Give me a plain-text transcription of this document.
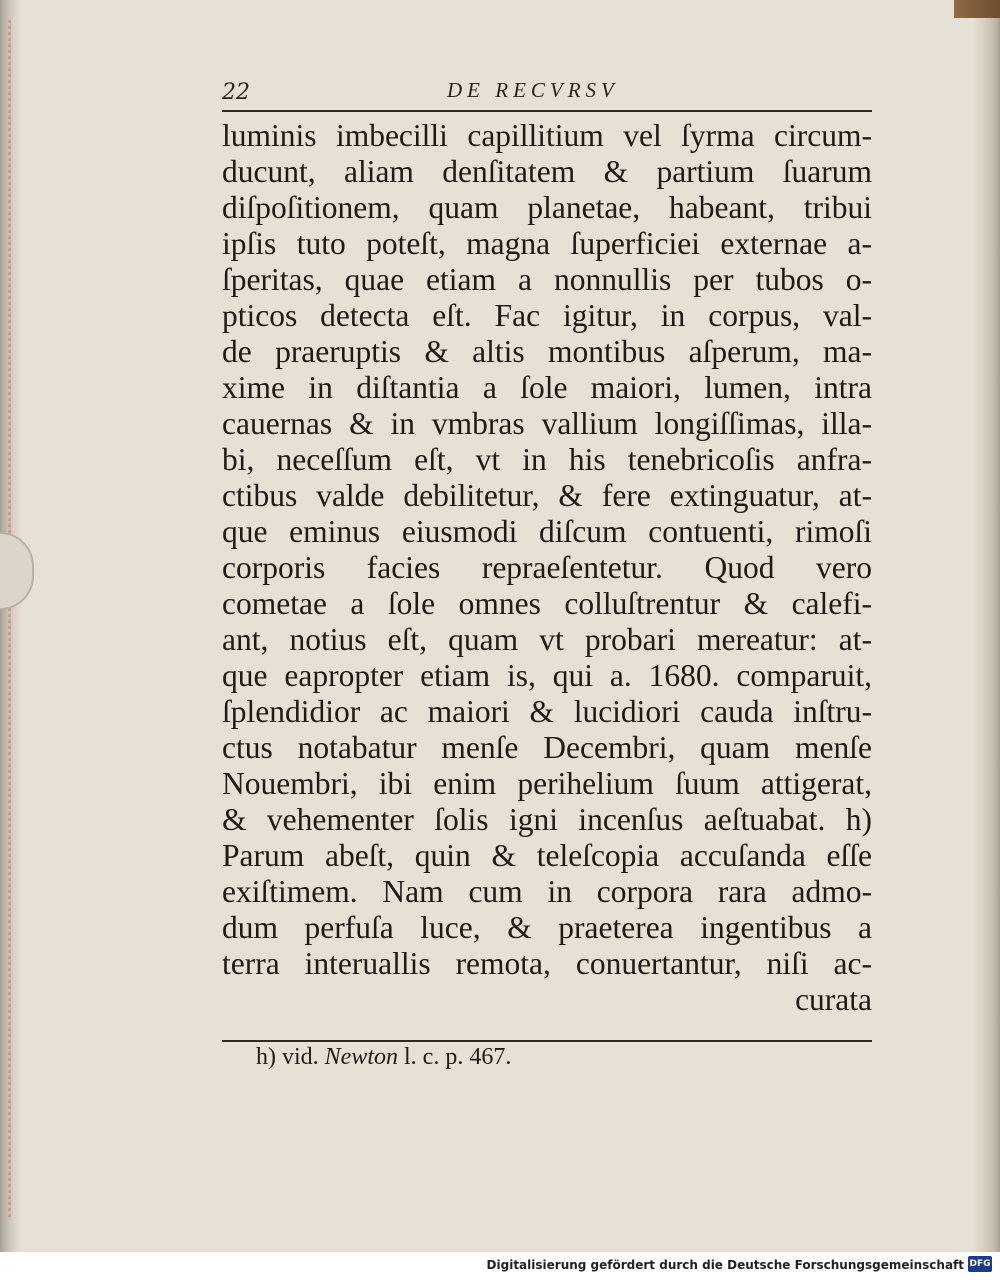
22	DE RECVRSV
luminis imbecilli capillitium vel ſyrma circum-
ducunt, aliam denſitatem & partium ſuarum
diſpoſitionem, quam planetae, habeant, tribui
ipſis tuto poteſt, magna ſuperficiei externae a-
ſperitas, quae etiam a nonnullis per tubos o-
pticos detecta eſt. Fac igitur, in corpus, val-
de praeruptis & altis montibus aſperum, ma-
xime in diſtantia a ſole maiori, lumen, intra
cauernas & in vmbras vallium longiſſimas, illa-
bi, neceſſum eſt, vt in his tenebricoſis anfra-
ctibus valde debilitetur, & fere extinguatur, at-
que eminus eiusmodi diſcum contuenti, rimoſi
corporis facies repraeſentetur. Quod vero
cometae a ſole omnes colluſtrentur & calefi-
ant, notius eſt, quam vt probari mereatur: at-
que eapropter etiam is, qui a. 1680. comparuit,
ſplendidior ac maiori & lucidiori cauda inſtru-
ctus notabatur menſe Decembri, quam menſe
Nouembri, ibi enim perihelium ſuum attigerat,
& vehementer ſolis igni incenſus aeſtuabat. h)
Parum abeſt, quin & teleſcopia accuſanda eſſe
exiſtimem. Nam cum in corpora rara admo-
dum perfuſa luce, & praeterea ingentibus a
terra interuallis remota, conuertantur, niſi ac-
curata
h) vid. Newton l. c. p. 467.
Digitalisierung gefördert durch die Deutsche Forschungsgemeinschaft DFG
